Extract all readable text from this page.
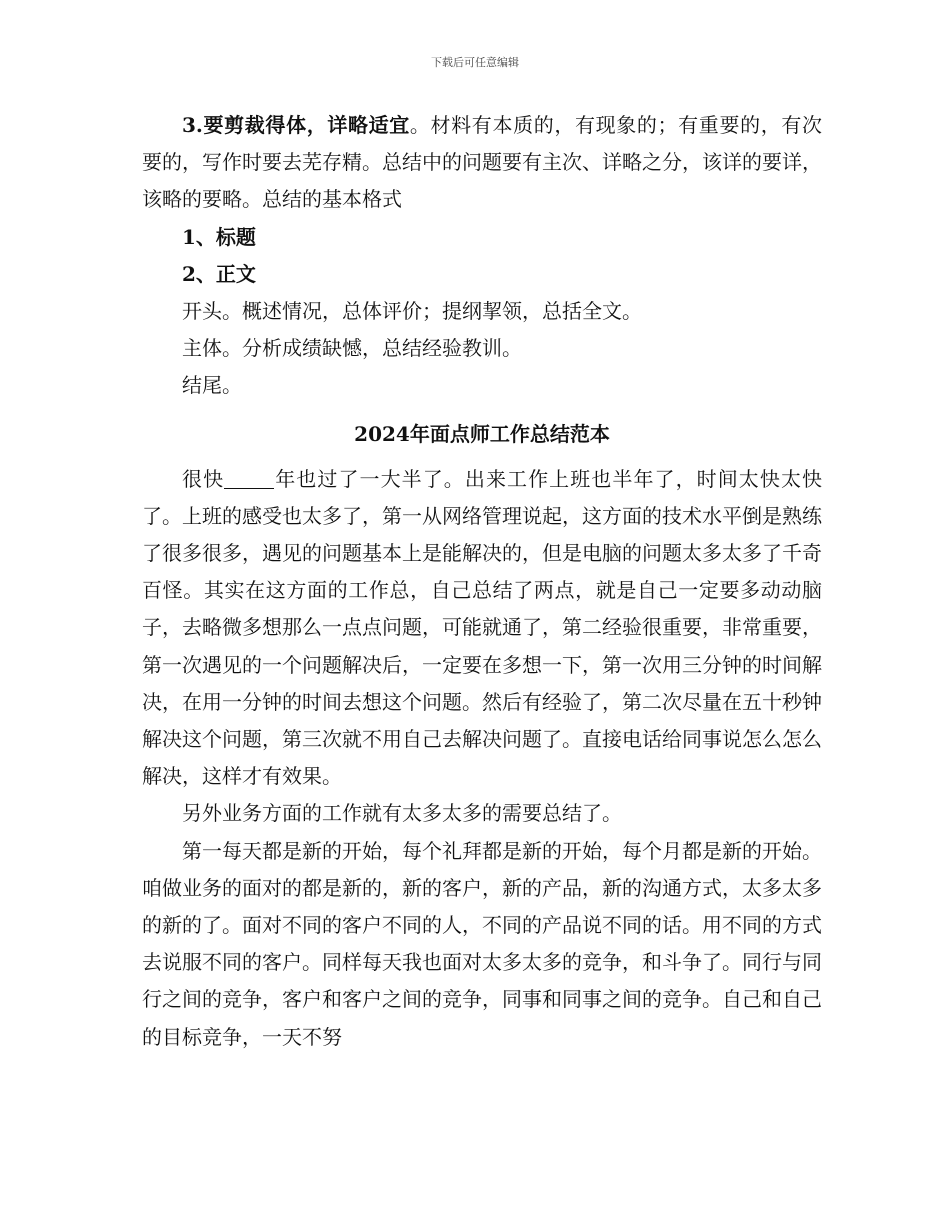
下载后可任意编辑

3.要剪裁得体，详略适宜。材料有本质的，有现象的；有重要的，有次要的，写作时要去芜存精。总结中的问题要有主次、详略之分，该详的要详，该略的要略。总结的基本格式

1、标题

2、正文

开头。概述情况，总体评价；提纲挈领，总括全文。

主体。分析成绩缺憾，总结经验教训。

结尾。

2024年面点师工作总结范本

很快	年也过了一大半了。出来工作上班也半年了，时间太快太快了。上班的感受也太多了，第一从网络管理说起，这方面的技术水平倒是熟练了很多很多，遇见的问题基本上是能解决的，但是电脑的问题太多太多了千奇百怪。其实在这方面的工作总，自己总结了两点，就是自己一定要多动动脑子，去略微多想那么一点点问题，可能就通了，第二经验很重要，非常重要，第一次遇见的一个问题解决后，一定要在多想一下，第一次用三分钟的时间解决，在用一分钟的时间去想这个问题。然后有经验了，第二次尽量在五十秒钟解决这个问题，第三次就不用自己去解决问题了。直接电话给同事说怎么怎么解决，这样才有效果。

另外业务方面的工作就有太多太多的需要总结了。

第一每天都是新的开始，每个礼拜都是新的开始，每个月都是新的开始。咱做业务的面对的都是新的，新的客户，新的产品，新的沟通方式，太多太多的新的了。面对不同的客户不同的人，不同的产品说不同的话。用不同的方式去说服不同的客户。同样每天我也面对太多太多的竞争，和斗争了。同行与同行之间的竞争，客户和客户之间的竞争，同事和同事之间的竞争。自己和自己的目标竞争，一天不努
